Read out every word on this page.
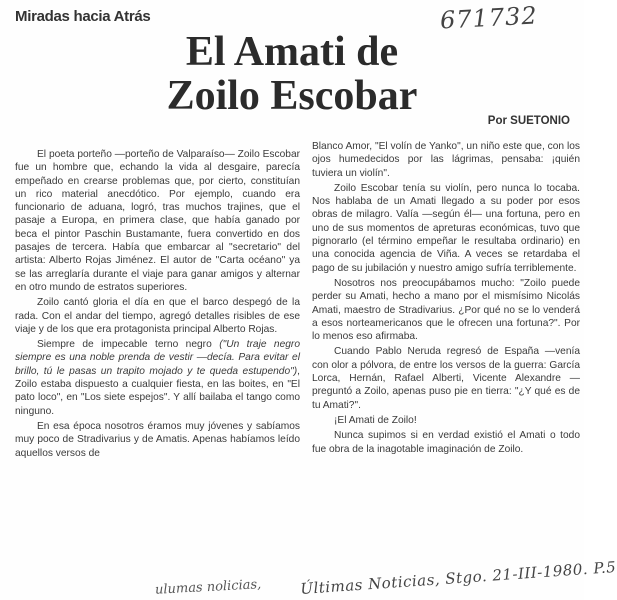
Miradas hacia Atrás	671732
El Amati de
Zoilo Escobar
Por SUETONIO

El poeta porteño —porteño de Valparaíso— Zoilo Escobar fue un hombre que, echando la vida al desgaire, parecía empeñado en crearse problemas que, por cierto, constituían un rico material anecdótico. Por ejemplo, cuando era funcionario de aduana, logró, tras muchos trajines, que el pasaje a Europa, en primera clase, que había ganado por beca el pintor Paschin Bustamante, fuera convertido en dos pasajes de tercera. Había que embarcar al "secretario" del artista: Alberto Rojas Jiménez. El autor de "Carta océano" ya se las arreglaría durante el viaje para ganar amigos y alternar en otro mundo de estratos superiores.

Zoilo cantó gloria el día en que el barco despegó de la rada. Con el andar del tiempo, agregó detalles risibles de ese viaje y de los que era protagonista principal Alberto Rojas.

Siempre de impecable terno negro ("Un traje negro siempre es una noble prenda de vestir —decía. Para evitar el brillo, tú le pasas un trapito mojado y te queda estupendo"), Zoilo estaba dispuesto a cualquier fiesta, en las boites, en "El pato loco", en "Los siete espejos". Y allí bailaba el tango como ninguno.

En esa época nosotros éramos muy jóvenes y sabíamos muy poco de Stradivarius y de Amatis. Apenas habíamos leído aquellos versos de

Blanco Amor, "El volín de Yanko", un niño este que, con los ojos humedecidos por las lágrimas, pensaba: ¡quién tuviera un violín".

Zoilo Escobar tenía su violín, pero nunca lo tocaba. Nos hablaba de un Amati llegado a su poder por esos obras de milagro. Valía —según él— una fortuna, pero en uno de sus momentos de apreturas económicas, tuvo que pignorarlo (el término empeñar le resultaba ordinario) en una conocida agencia de Viña. A veces se retardaba el pago de su jubilación y nuestro amigo sufría terriblemente.

Nosotros nos preocupábamos mucho: "Zoilo puede perder su Amati, hecho a mano por el mismísimo Nicolás Amati, maestro de Stradivarius. ¿Por qué no se lo venderá a esos norteamericanos que le ofrecen una fortuna?". Por lo menos eso afirmaba.

Cuando Pablo Neruda regresó de España —venía con olor a pólvora, de entre los versos de la guerra: García Lorca, Hernán, Rafael Alberti, Vicente Alexandre —preguntó a Zoilo, apenas puso pie en tierra: "¿Y qué es de tu Amati?".

¡El Amati de Zoilo!

Nunca supimos si en verdad existió el Amati o todo fue obra de la inagotable imaginación de Zoilo.

ulumas nolicias,	Últimas Noticias, Stgo. 21-III-1980. P.5
